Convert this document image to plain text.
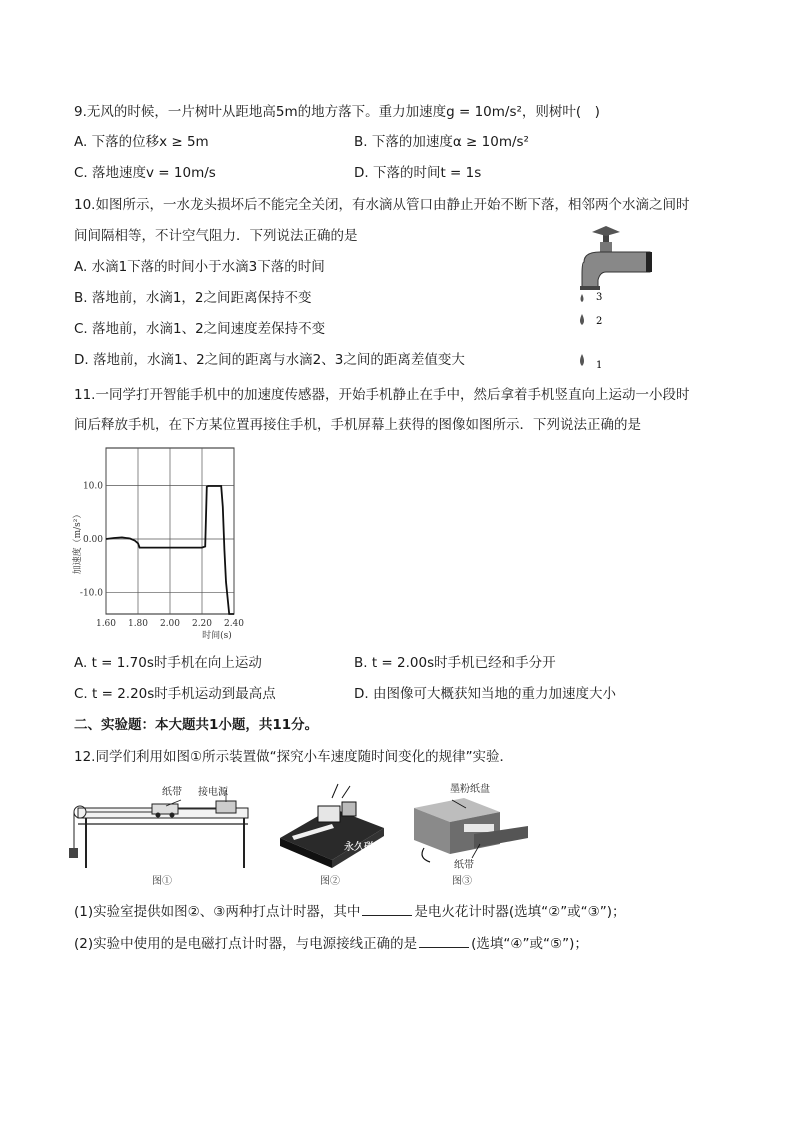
9.无风的时候，一片树叶从距地高5m的地方落下。重力加速度g = 10m/s²，则树叶(　)
A. 下落的位移x ≥ 5m	B. 下落的加速度α ≥ 10m/s²
C. 落地速度v = 10m/s	D. 下落的时间t = 1s
10.如图所示，一水龙头损坏后不能完全关闭，有水滴从管口由静止开始不断下落，相邻两个水滴之间时
间间隔相等，不计空气阻力．下列说法正确的是
A. 水滴1下落的时间小于水滴3下落的时间
B. 落地前，水滴1，2之间距离保持不变
C. 落地前，水滴1、2之间速度差保持不变
D. 落地前，水滴1、2之间的距离与水滴2、3之间的距离差值变大
3
2
1
11.一同学打开智能手机中的加速度传感器，开始手机静止在手中，然后拿着手机竖直向上运动一小段时
间后释放手机，在下方某位置再接住手机，手机屏幕上获得的图像如图所示．下列说法正确的是
1.60 1.80 2.00 2.20 2.40
10.0
0.00
-10.0
加速度（m/s²）
时间(s)
A. t = 1.70s时手机在向上运动	B. t = 2.00s时手机已经和手分开
C. t = 2.20s时手机运动到最高点	D. 由图像可大概获知当地的重力加速度大小
二、实验题：本大题共1小题，共11分。
12.同学们利用如图①所示装置做“探究小车速度随时间变化的规律”实验．
纸带 接电源
图①
永久磁铁
图②
墨粉纸盘
纸带
图③
(1)实验室提供如图②、③两种打点计时器，其中	是电火花计时器(选填“②”或“③”)；
(2)实验中使用的是电磁打点计时器，与电源接线正确的是	(选填“④”或“⑤”)；
